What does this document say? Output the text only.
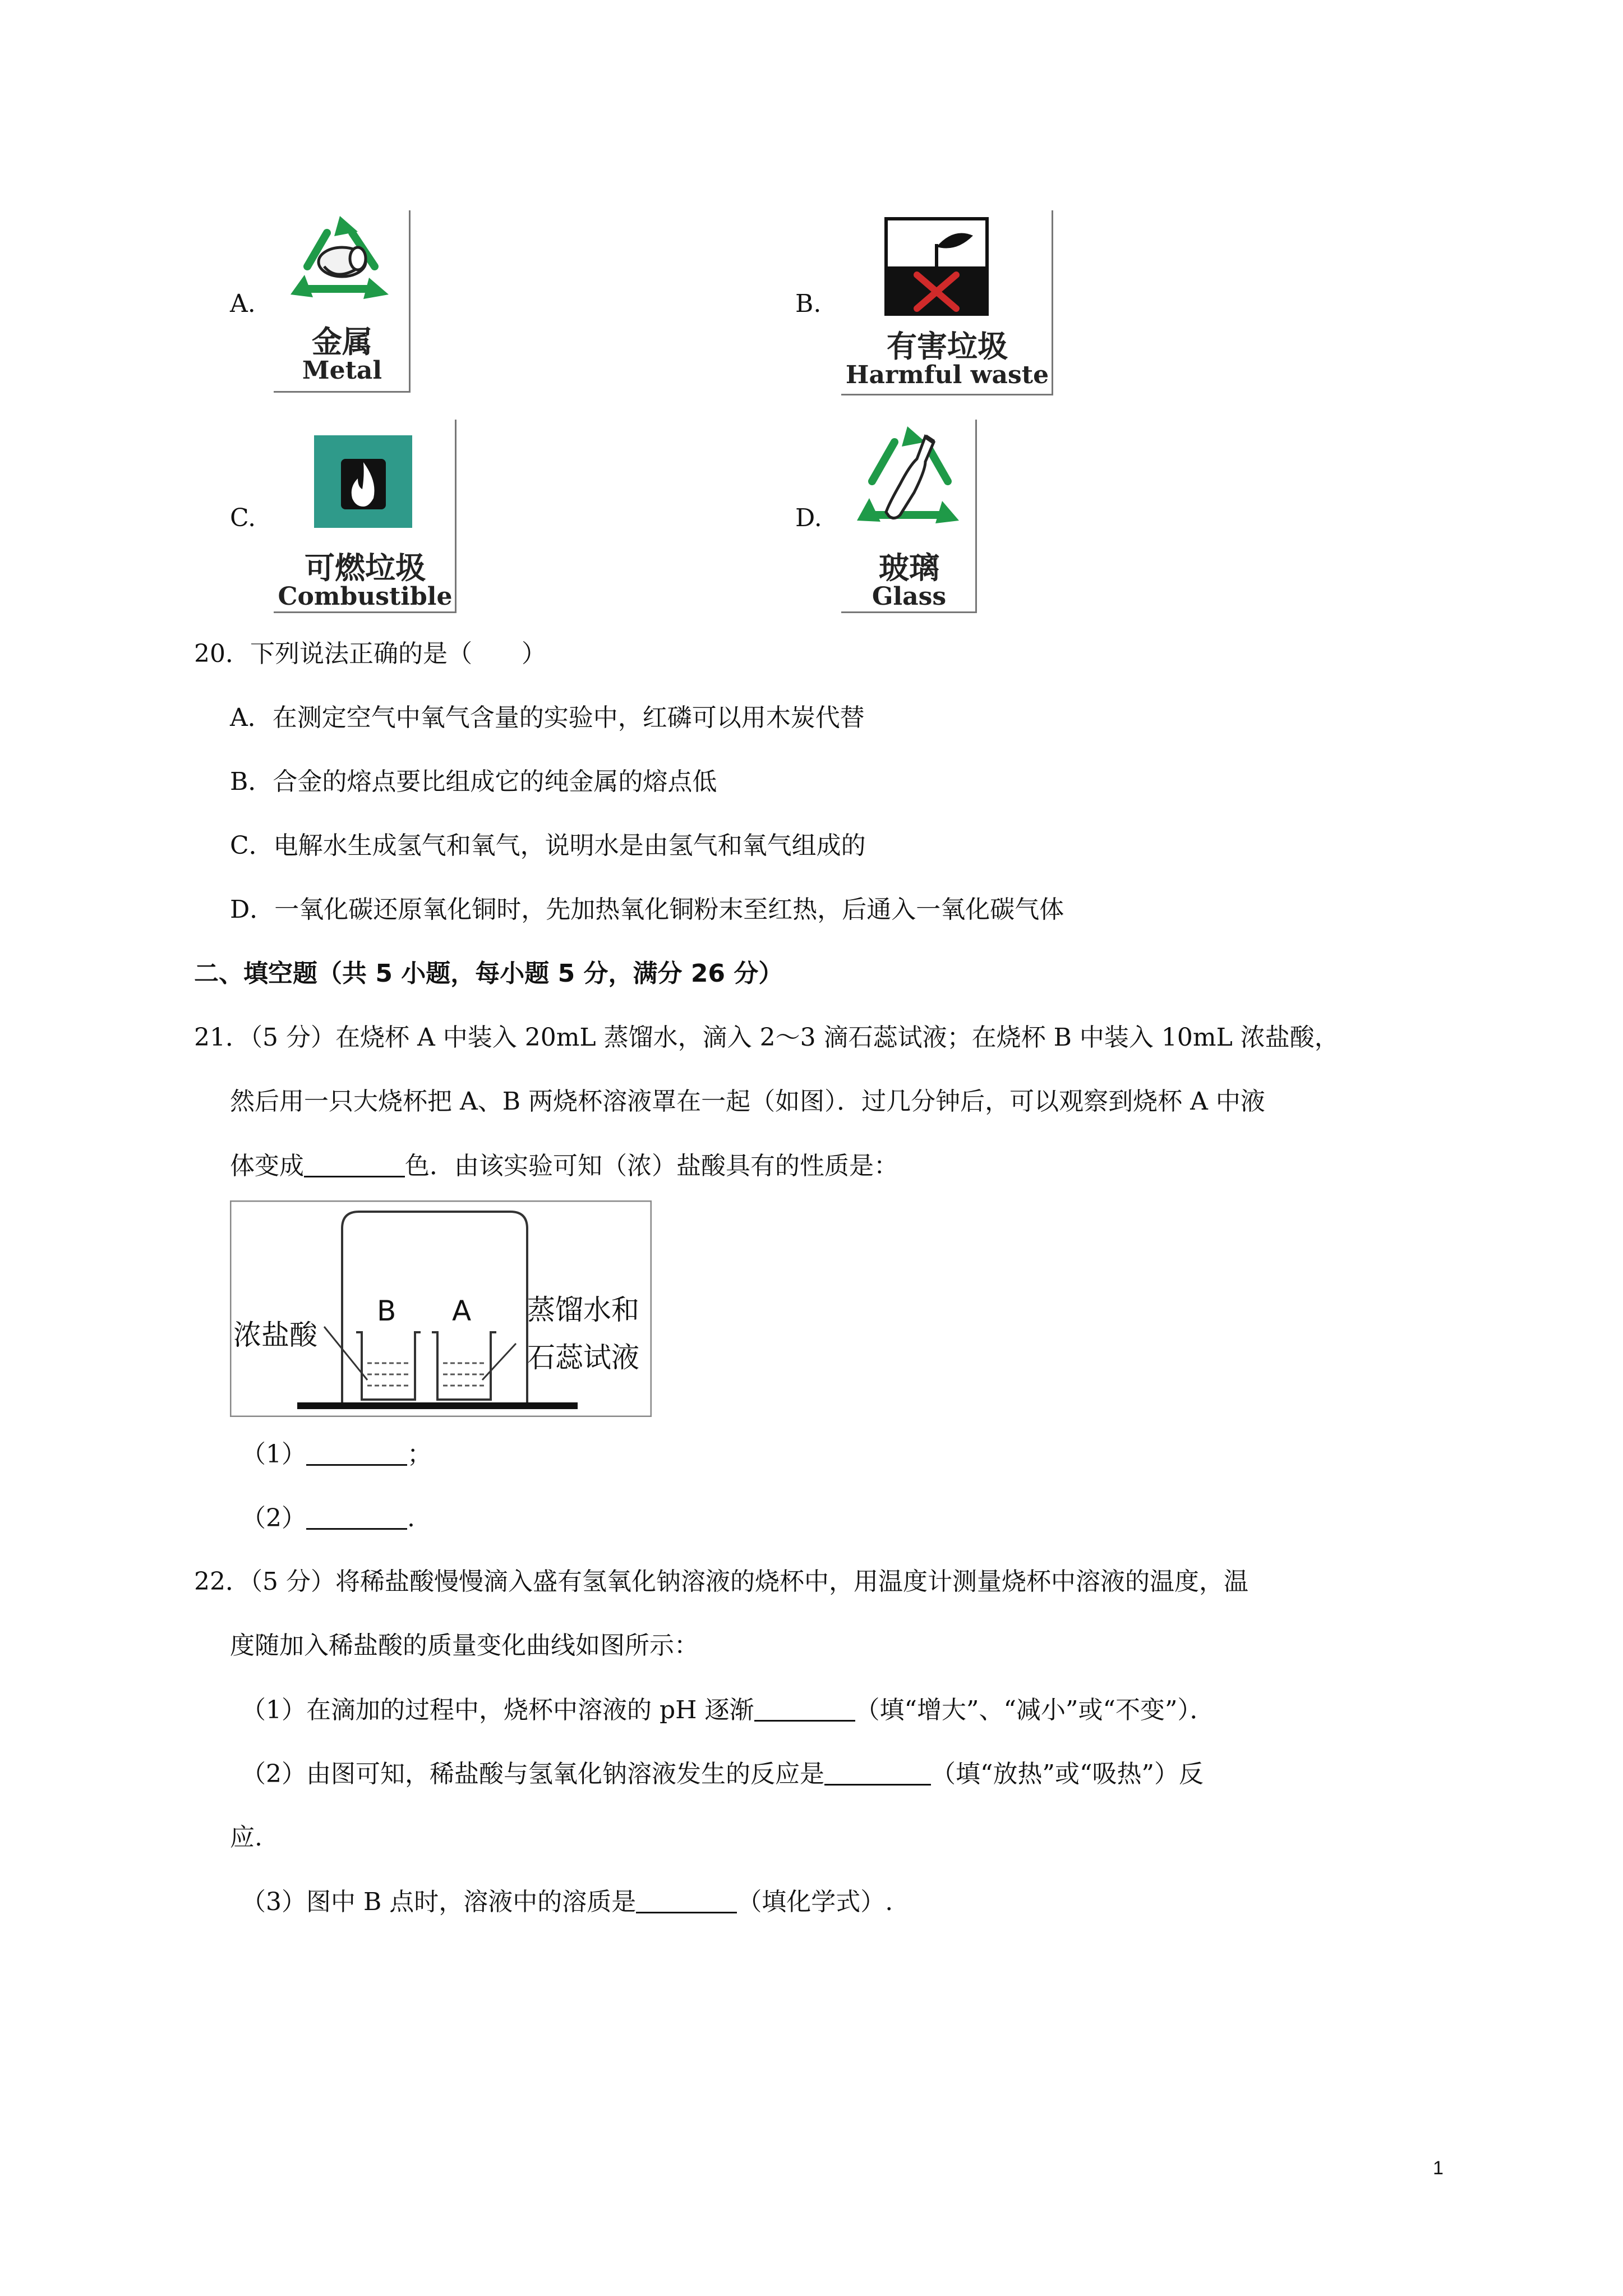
A.
金属
Metal
B.
有害垃圾
Harmful waste
C.
可燃垃圾
Combustible
D.
玻璃
Glass
20．下列说法正确的是（　　）
A．在测定空气中氧气含量的实验中，红磷可以用木炭代替
B．合金的熔点要比组成它的纯金属的熔点低
C．电解水生成氢气和氧气，说明水是由氢气和氧气组成的
D．一氧化碳还原氧化铜时，先加热氧化铜粉末至红热，后通入一氧化碳气体
二、填空题（共 5 小题，每小题 5 分，满分 26 分）
21．（5 分）在烧杯 A 中装入 20mL 蒸馏水，滴入 2～3 滴石蕊试液；在烧杯 B 中装入 10mL 浓盐酸，
然后用一只大烧杯把 A、B 两烧杯溶液罩在一起（如图）．过几分钟后，可以观察到烧杯 A 中液
体变成	色．由该实验可知（浓）盐酸具有的性质是：
B A
浓盐酸
蒸馏水和
石蕊试液
（1）	；
（2）	.
22．（5 分）将稀盐酸慢慢滴入盛有氢氧化钠溶液的烧杯中，用温度计测量烧杯中溶液的温度，温
度随加入稀盐酸的质量变化曲线如图所示：
（1）在滴加的过程中，烧杯中溶液的 pH 逐渐	（填“增大”、“减小”或“不变”）．
（2）由图可知，稀盐酸与氢氧化钠溶液发生的反应是	（填“放热”或“吸热”）反
应.
（3）图中 B 点时，溶液中的溶质是	（填化学式）.
1
